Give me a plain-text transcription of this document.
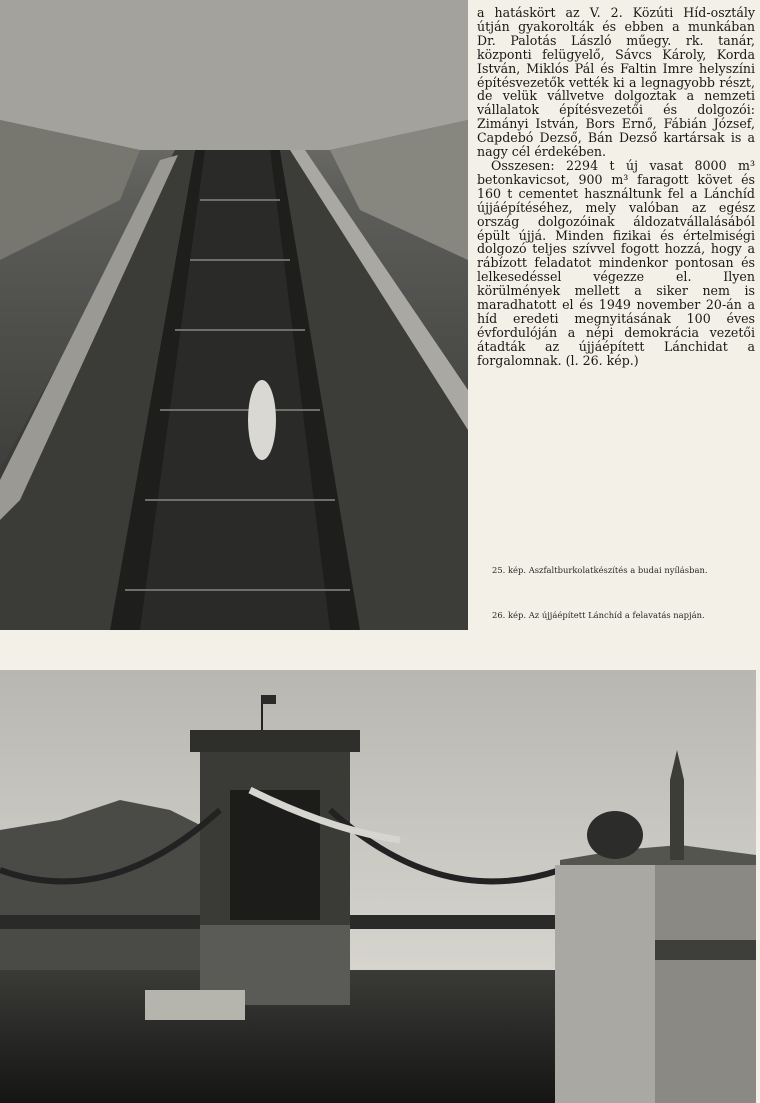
a hatáskört az V. 2. Közúti Híd-osztály útján gyakorolták és ebben a munkában Dr. Palotás László műegy. rk. tanár, központi felügyelő, Sávcs Károly, Korda István, Miklós Pál és Faltin Imre helyszíni építésvezetők vették ki a legnagyobb részt, de velük vállvetve dolgoztak a nemzeti vállalatok építésvezetői és dolgozói: Zimányi István, Bors Ernő, Fábián József, Capdebó Dezső, Bán Dezső kartársak is a nagy cél érdekében.

Összesen: 2294 t új vasat 8000 m³ betonkavicsot, 900 m³ faragott követ és 160 t cementet használtunk fel a Lánchíd újjáépítéséhez, mely valóban az egész ország dolgozóinak áldozatvállalásából épült újjá. Minden fizikai és értelmiségi dolgozó teljes szívvel fogott hozzá, hogy a rábízott feladatot mindenkor pontosan és lelkesedéssel végezze el. Ilyen körülmények mellett a siker nem is maradhatott el és 1949 november 20-án a híd eredeti megnyitásának 100 éves évfordulóján a népi demokrácia vezetői átadták az újjáépített Lánchidat a forgalomnak. (l. 26. kép.)

25. kép. Aszfaltburkolatkészítés a budai nyílásban.
26. kép. Az újjáépített Lánchíd a felavatás napján.
